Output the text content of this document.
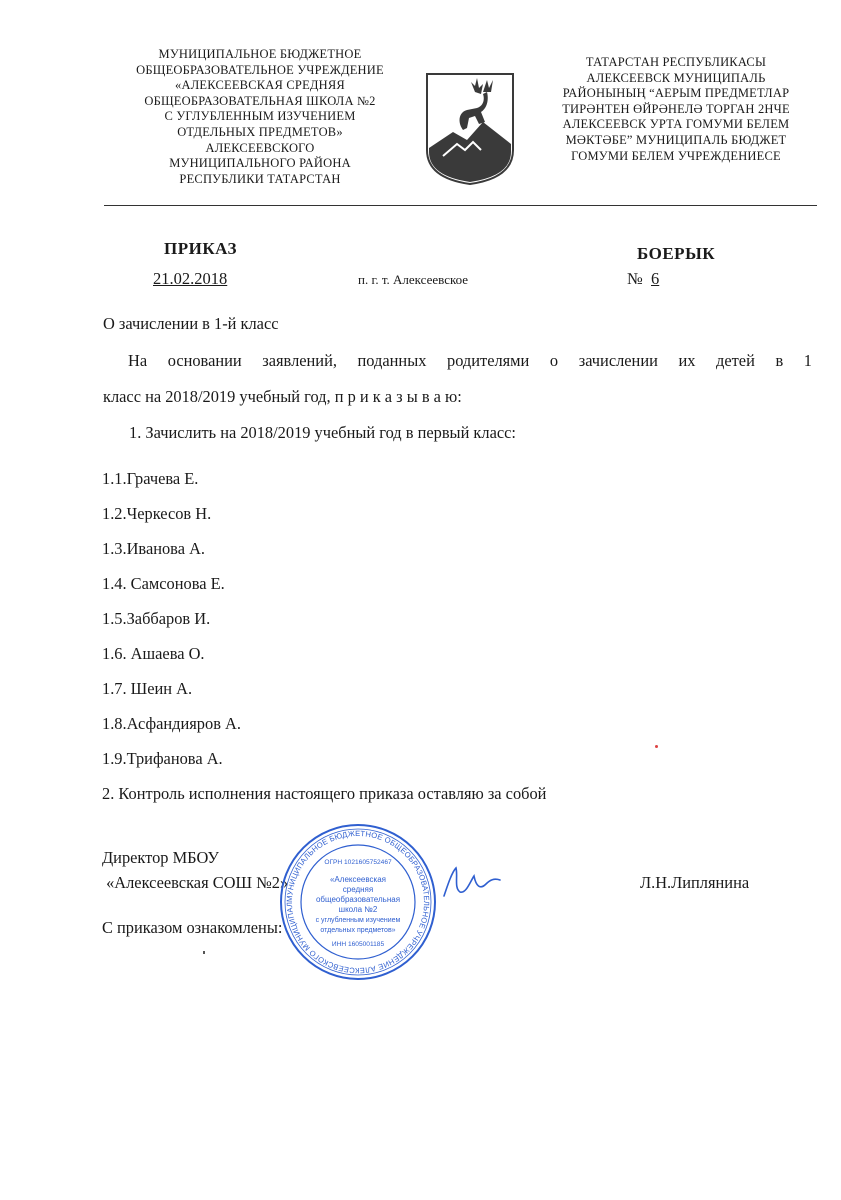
МУНИЦИПАЛЬНОЕ БЮДЖЕТНОЕ
ОБЩЕОБРАЗОВАТЕЛЬНОЕ УЧРЕЖДЕНИЕ
«АЛЕКСЕЕВСКАЯ СРЕДНЯЯ
ОБЩЕОБРАЗОВАТЕЛЬНАЯ ШКОЛА №2
С УГЛУБЛЕННЫМ ИЗУЧЕНИЕМ
ОТДЕЛЬНЫХ ПРЕДМЕТОВ»
АЛЕКСЕЕВСКОГО
МУНИЦИПАЛЬНОГО РАЙОНА
РЕСПУБЛИКИ ТАТАРСТАН
ТАТАРСТАН РЕСПУБЛИКАСЫ
АЛЕКСЕЕВСК МУНИЦИПАЛЬ
РАЙОНЫНЫҢ “АЕРЫМ ПРЕДМЕТЛАР
ТИРӘНТЕН ӨЙРӘНЕЛӘ ТОРГАН 2НЧЕ
АЛЕКСЕЕВСК УРТА ГОМУМИ БЕЛЕМ
МӘКТӘБЕ” МУНИЦИПАЛЬ БЮДЖЕТ
ГОМУМИ БЕЛЕМ УЧРЕЖДЕНИЕСЕ
ПРИКАЗ	БОЕРЫК
21.02.2018	п. г. т. Алексеевское	№ 6
О зачислении в 1-й класс
На основании заявлений, поданных родителями о зачислении их детей в 1
класс на 2018/2019 учебный год, п р и к а з ы в а ю:
1. Зачислить на 2018/2019 учебный год в первый класс:
1.1.Грачева Е.
1.2.Черкесов Н.
1.3.Иванова А.
1.4. Самсонова Е.
1.5.Заббаров И.
1.6. Ашаева О.
1.7. Шеин А.
1.8.Асфандияров А.
1.9.Трифанова А.
2. Контроль исполнения настоящего приказа оставляю за собой
Директор МБОУ
«Алексеевская СОШ №2»	Л.Н.Липлянина
С приказом ознакомлены:
МУНИЦИПАЛЬНОЕ БЮДЖЕТНОЕ ОБЩЕОБРАЗОВАТЕЛЬНОЕ УЧРЕЖДЕНИЕ АЛЕКСЕЕВСКОГО МУНИЦИПАЛ
ОГРН 1021605752467
«Алексеевская
средняя
общеобразовательная
школа №2
с углубленным изучением
отдельных предметов»
ИНН 1605001185
